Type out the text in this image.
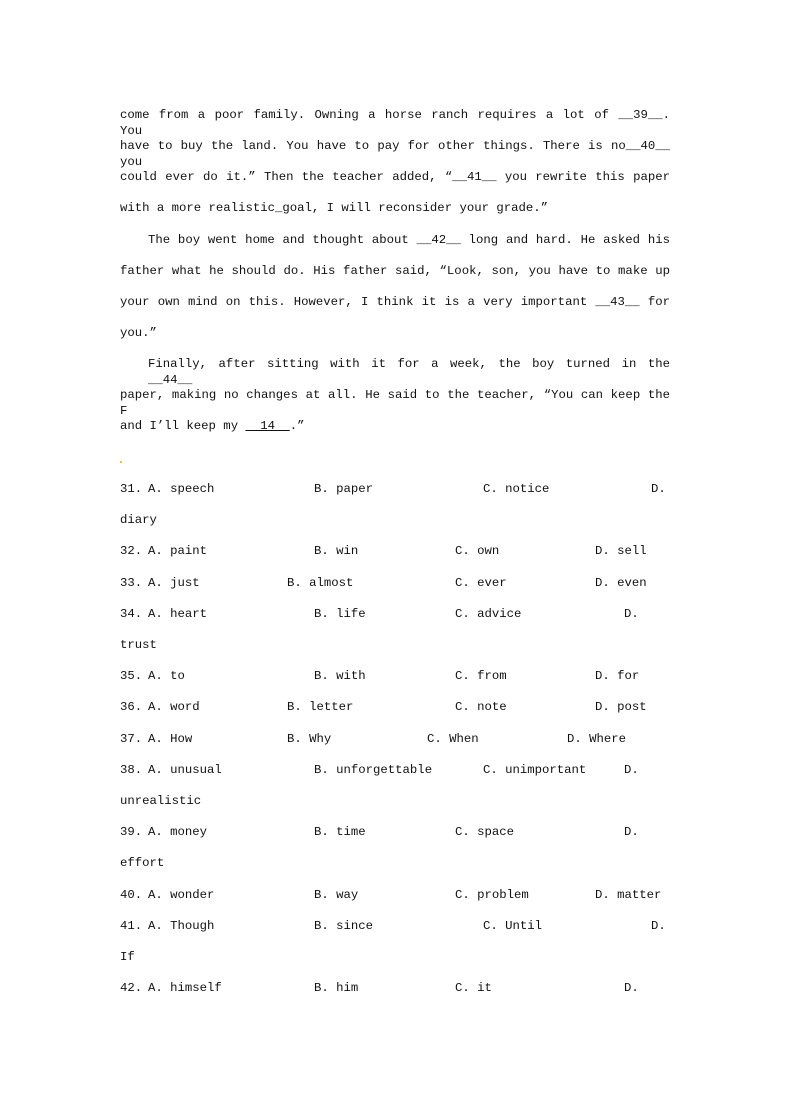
come from a poor family. Owning a horse ranch requires a lot of __39__. You
have to buy the land. You have to pay for other things. There is no__40__ you
could ever do it.” Then the teacher added, “__41__ you rewrite this paper
with a more realistic_goal, I will reconsider your grade.”
The boy went home and thought about __42__ long and hard. He asked his
father what he should do. His father said, “Look, son, you have to make up
your own mind on this. However, I think it is a very important __43__ for
you.”
Finally, after sitting with it for a week, the boy turned in the __44__
paper, making no changes at all. He said to the teacher, “You can keep the F
and I’ll keep my   14  .”
31. A. speech	B. paper	C. notice	D.
diary
32. A. paint	B. win	C. own	D. sell
33. A. just	B. almost	C. ever	D. even
34. A. heart	B. life	C. advice	D.
trust
35. A. to	B. with	C. from	D. for
36. A. word	B. letter	C. note	D. post
37. A. How	B. Why	C. When	D. Where
38. A. unusual	B. unforgettable	C. unimportant	D.
unrealistic
39. A. money	B. time	C. space	D.
effort
40. A. wonder	B. way	C. problem	D. matter
41. A. Though	B. since	C. Until	D.
If
42. A. himself	B. him	C. it	D.
